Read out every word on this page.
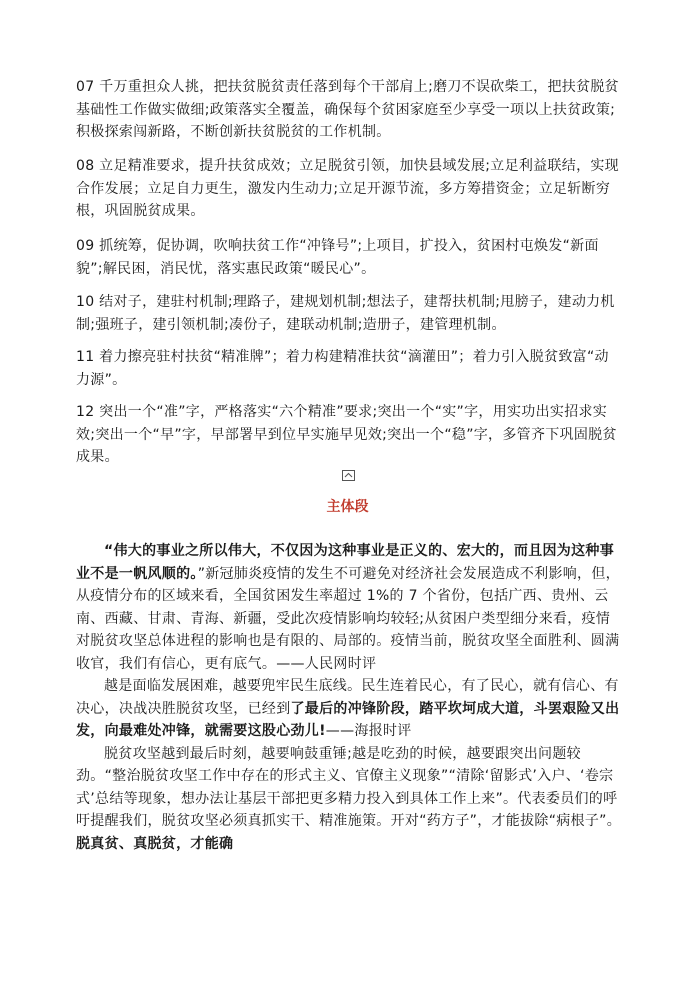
07 千万重担众人挑，把扶贫脱贫责任落到每个干部肩上;磨刀不误砍柴工，把扶贫脱贫基础性工作做实做细;政策落实全覆盖，确保每个贫困家庭至少享受一项以上扶贫政策;积极探索闯新路，不断创新扶贫脱贫的工作机制。

08 立足精准要求，提升扶贫成效；立足脱贫引领，加快县域发展;立足利益联结，实现 合作发展；立足自力更生，激发内生动力;立足开源节流，多方筹措资金；立足斩断穷根，巩固脱贫成果。

09 抓统筹，促协调，吹响扶贫工作“冲锋号”;上项目，扩投入，贫困村屯焕发“新面貌”;解民困，消民忧，落实惠民政策“暖民心”。

10 结对子，建驻村机制;理路子，建规划机制;想法子，建帮扶机制;甩膀子，建动力机制;强班子，建引领机制;凑份子，建联动机制;造册子，建管理机制。

11 着力擦亮驻村扶贫“精准牌”；着力构建精准扶贫“滴灌田”；着力引入脱贫致富“动力源”。

12 突出一个“准”字，严格落实“六个精准”要求;突出一个“实”字，用实功出实招求实效;突出一个“早”字，早部署早到位早实施早见效;突出一个“稳”字，多管齐下巩固脱贫成果。

主体段

“伟大的事业之所以伟大，不仅因为这种事业是正义的、宏大的，而且因为这种事业不是一帆风顺的。”新冠肺炎疫情的发生不可避免对经济社会发展造成不利影响，但，从疫情分布的区域来看，全国贫困发生率超过 1%的 7 个省份，包括广西、贵州、云南、西藏、甘肃、青海、新疆，受此次疫情影响均较轻;从贫困户类型细分来看，疫情对脱贫攻坚总体进程的影响也是有限的、局部的。疫情当前，脱贫攻坚全面胜利、圆满收官，我们有信心，更有底气。——人民网时评

越是面临发展困难，越要兜牢民生底线。民生连着民心，有了民心，就有信心、有决心，决战决胜脱贫攻坚，已经到了最后的冲锋阶段，踏平坎坷成大道，斗罢艰险又出发，向最难处冲锋，就需要这股心劲儿!——海报时评

脱贫攻坚越到最后时刻，越要响鼓重锤;越是吃劲的时候，越要跟突出问题较劲。“整治脱贫攻坚工作中存在的形式主义、官僚主义现象”“清除‘留影式’入户、‘卷宗式’总结等现象，想办法让基层干部把更多精力投入到具体工作上来”。代表委员们的呼吁提醒我们，脱贫攻坚必须真抓实干、精准施策。开对“药方子”，才能拔除“病根子”。脱真贫、真脱贫，才能确
